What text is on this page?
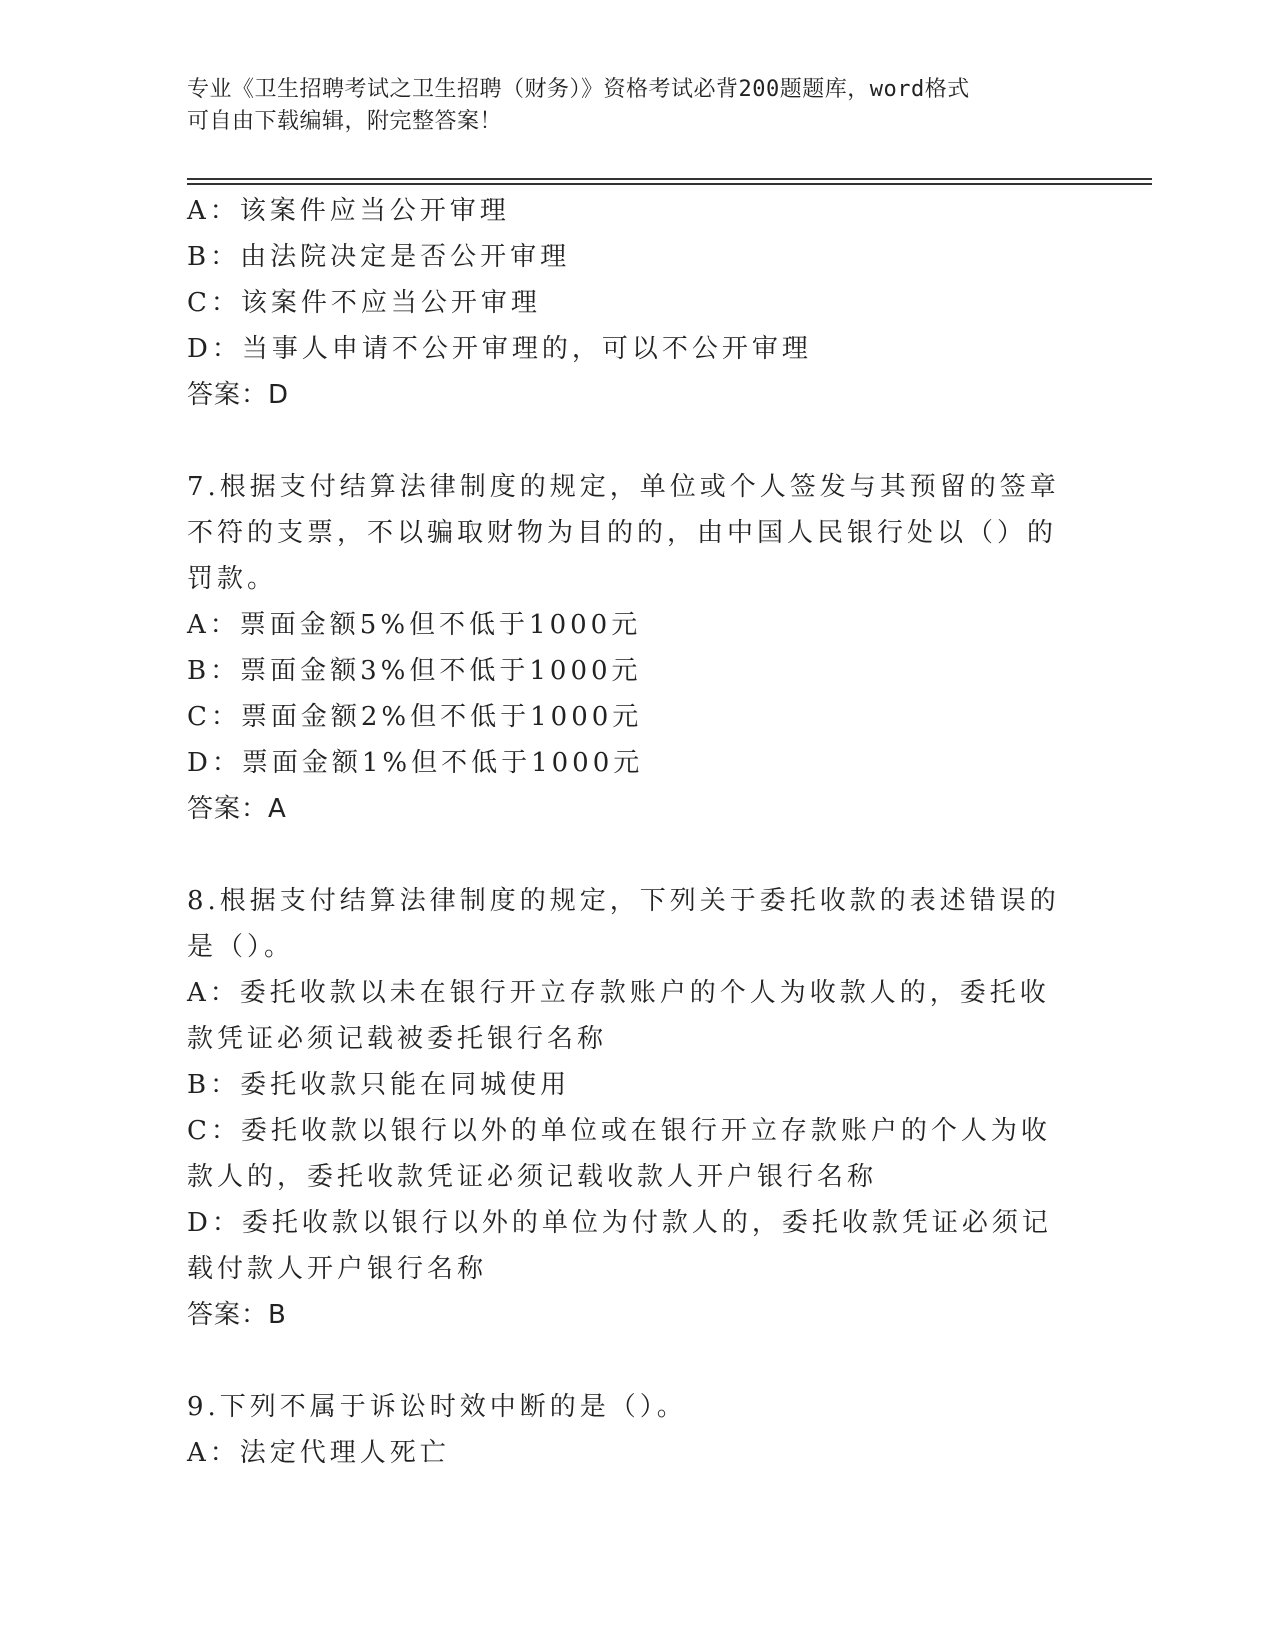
专业《卫生招聘考试之卫生招聘（财务）》资格考试必背200题题库，word格式
可自由下载编辑，附完整答案！
A：该案件应当公开审理
B：由法院决定是否公开审理
C：该案件不应当公开审理
D：当事人申请不公开审理的，可以不公开审理
答案：D
7.根据支付结算法律制度的规定，单位或个人签发与其预留的签章不符的支票，不以骗取财物为目的的，由中国人民银行处以（）的罚款。
A：票面金额5%但不低于1000元
B：票面金额3%但不低于1000元
C：票面金额2%但不低于1000元
D：票面金额1%但不低于1000元
答案：A
8.根据支付结算法律制度的规定，下列关于委托收款的表述错误的是（）。
A：委托收款以未在银行开立存款账户的个人为收款人的，委托收款凭证必须记载被委托银行名称
B：委托收款只能在同城使用
C：委托收款以银行以外的单位或在银行开立存款账户的个人为收款人的，委托收款凭证必须记载收款人开户银行名称
D：委托收款以银行以外的单位为付款人的，委托收款凭证必须记载付款人开户银行名称
答案：B
9.下列不属于诉讼时效中断的是（）。
A：法定代理人死亡
